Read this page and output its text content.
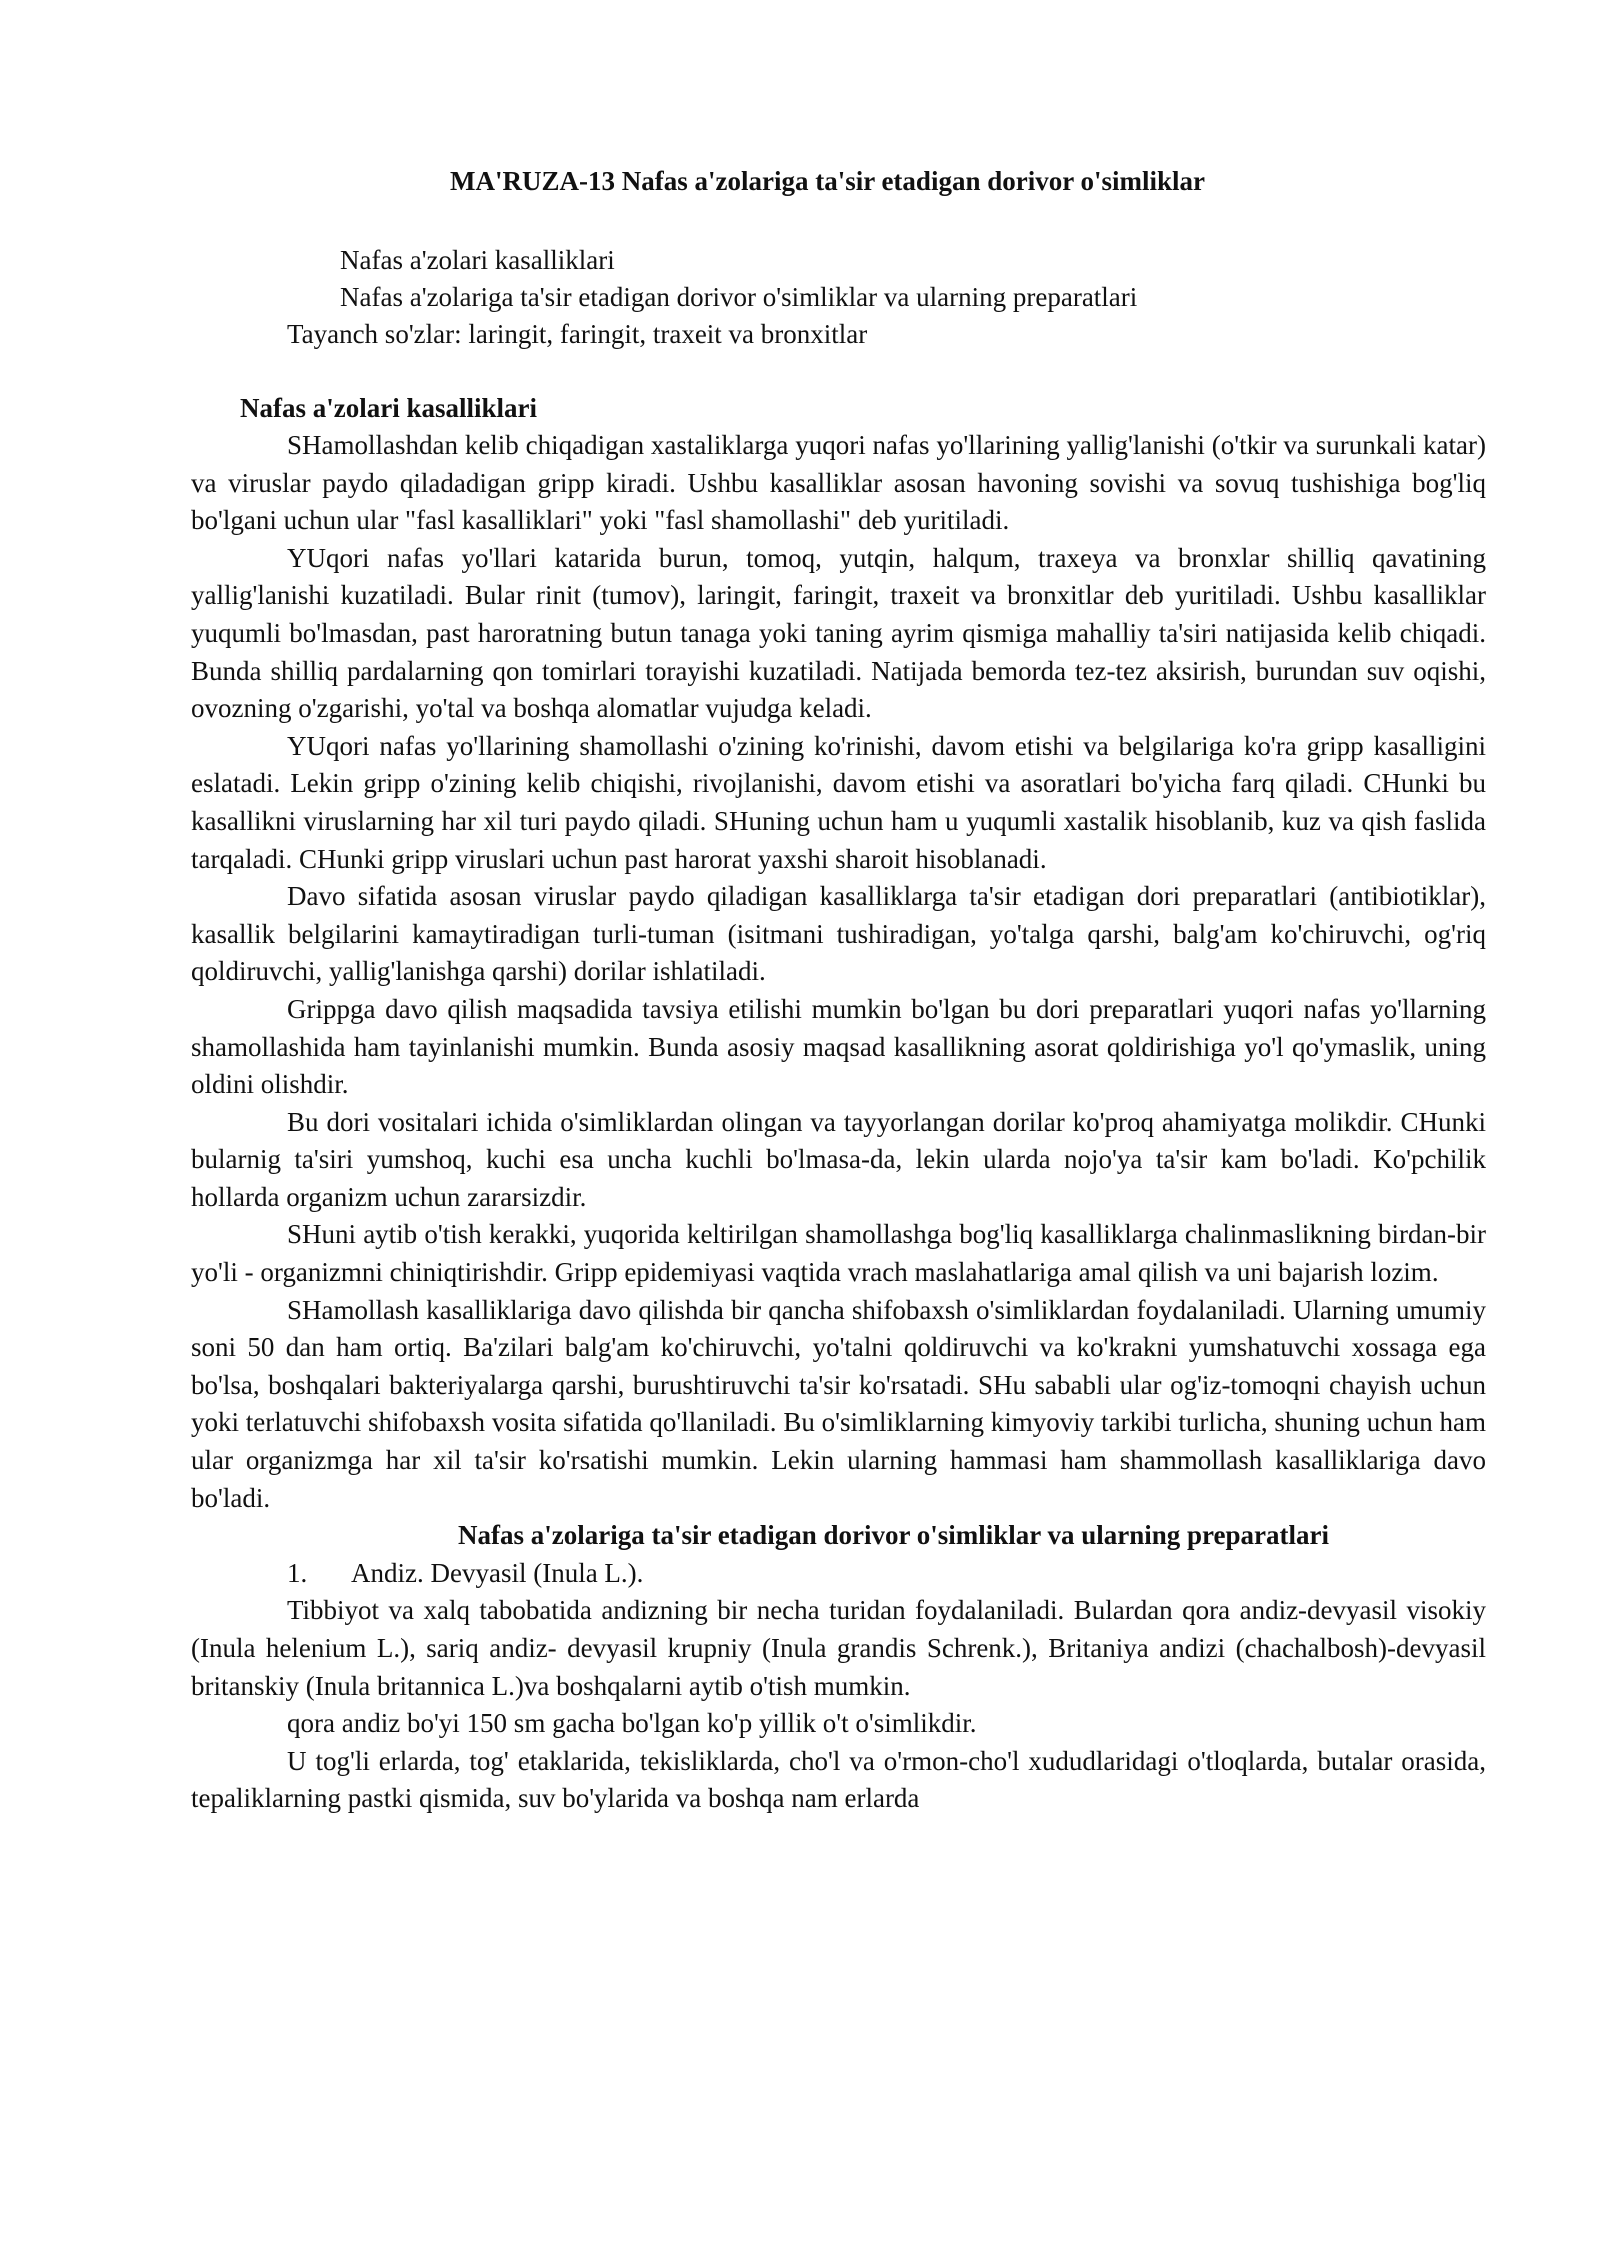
MA'RUZA-13 Nafas a'zolariga ta'sir etadigan dorivor o'simliklar
Nafas a'zolari kasalliklari
Nafas a'zolariga ta'sir etadigan dorivor o'simliklar va ularning preparatlari
Tayanch so'zlar: laringit, faringit, traxeit va bronxitlar
Nafas a'zolari kasalliklari

SHamollashdan kelib chiqadigan xastaliklarga yuqori nafas yo'llarining yallig'lanishi (o'tkir va surunkali katar) va viruslar paydo qiladadigan gripp kiradi. Ushbu kasalliklar asosan havoning sovishi va sovuq tushishiga bog'liq bo'lgani uchun ular "fasl kasalliklari" yoki "fasl shamollashi" deb yuritiladi.

YUqori nafas yo'llari katarida burun, tomoq, yutqin, halqum, traxeya va bronxlar shilliq qavatining yallig'lanishi kuzatiladi. Bular rinit (tumov), laringit, faringit, traxeit va bronxitlar deb yuritiladi. Ushbu kasalliklar yuqumli bo'lmasdan, past haroratning butun tanaga yoki taning ayrim qismiga mahalliy ta'siri natijasida kelib chiqadi. Bunda shilliq pardalarning qon tomirlari torayishi kuzatiladi. Natijada bemorda tez-tez aksirish, burundan suv oqishi, ovozning o'zgarishi, yo'tal va boshqa alomatlar vujudga keladi.

YUqori nafas yo'llarining shamollashi o'zining ko'rinishi, davom etishi va belgilariga ko'ra gripp kasalligini eslatadi. Lekin gripp o'zining kelib chiqishi, rivojlanishi, davom etishi va asoratlari bo'yicha farq qiladi. CHunki bu kasallikni viruslarning har xil turi paydo qiladi. SHuning uchun ham u yuqumli xastalik hisoblanib, kuz va qish faslida tarqaladi. CHunki gripp viruslari uchun past harorat yaxshi sharoit hisoblanadi.

Davo sifatida asosan viruslar paydo qiladigan kasalliklarga ta'sir etadigan dori preparatlari (antibiotiklar), kasallik belgilarini kamaytiradigan turli-tuman (isitmani tushiradigan, yo'talga qarshi, balg'am ko'chiruvchi, og'riq qoldiruvchi, yallig'lanishga qarshi) dorilar ishlatiladi.

Grippga davo qilish maqsadida tavsiya etilishi mumkin bo'lgan bu dori preparatlari yuqori nafas yo'llarning shamollashida ham tayinlanishi mumkin. Bunda asosiy maqsad kasallikning asorat qoldirishiga yo'l qo'ymaslik, uning oldini olishdir.

Bu dori vositalari ichida o'simliklardan olingan va tayyorlangan dorilar ko'proq ahamiyatga molikdir. CHunki bularnig ta'siri yumshoq, kuchi esa uncha kuchli bo'lmasa-da, lekin ularda nojo'ya ta'sir kam bo'ladi. Ko'pchilik hollarda organizm uchun zararsizdir.

SHuni aytib o'tish kerakki, yuqorida keltirilgan shamollashga bog'liq kasalliklarga chalinmaslikning birdan-bir yo'li - organizmni chiniqtirishdir. Gripp epidemiyasi vaqtida vrach maslahatlariga amal qilish va uni bajarish lozim.

SHamollash kasalliklariga davo qilishda bir qancha shifobaxsh o'simliklardan foydalaniladi. Ularning umumiy soni 50 dan ham ortiq. Ba'zilari balg'am ko'chiruvchi, yo'talni qoldiruvchi va ko'krakni yumshatuvchi xossaga ega bo'lsa, boshqalari bakteriyalarga qarshi, burushtiruvchi ta'sir ko'rsatadi. SHu sababli ular og'iz-tomoqni chayish uchun yoki terlatuvchi shifobaxsh vosita sifatida qo'llaniladi. Bu o'simliklarning kimyoviy tarkibi turlicha, shuning uchun ham ular organizmga har xil ta'sir ko'rsatishi mumkin. Lekin ularning hammasi ham shammollash kasalliklariga davo bo'ladi.

Nafas a'zolariga ta'sir etadigan dorivor o'simliklar va ularning preparatlari

1. Andiz. Devyasil (Inula L.).

Tibbiyot va xalq tabobatida andizning bir necha turidan foydalaniladi. Bulardan qora andiz-devyasil visokiy (Inula helenium L.), sariq andiz- devyasil krupniy (Inula grandis Schrenk.), Britaniya andizi (chachalbosh)-devyasil britanskiy (Inula britannica L.)va boshqalarni aytib o'tish mumkin.

qora andiz bo'yi 150 sm gacha bo'lgan ko'p yillik o't o'simlikdir.

U tog'li erlarda, tog' etaklarida, tekisliklarda, cho'l va o'rmon-cho'l xududlaridagi o'tloqlarda, butalar orasida, tepaliklarning pastki qismida, suv bo'ylarida va boshqa nam erlarda
